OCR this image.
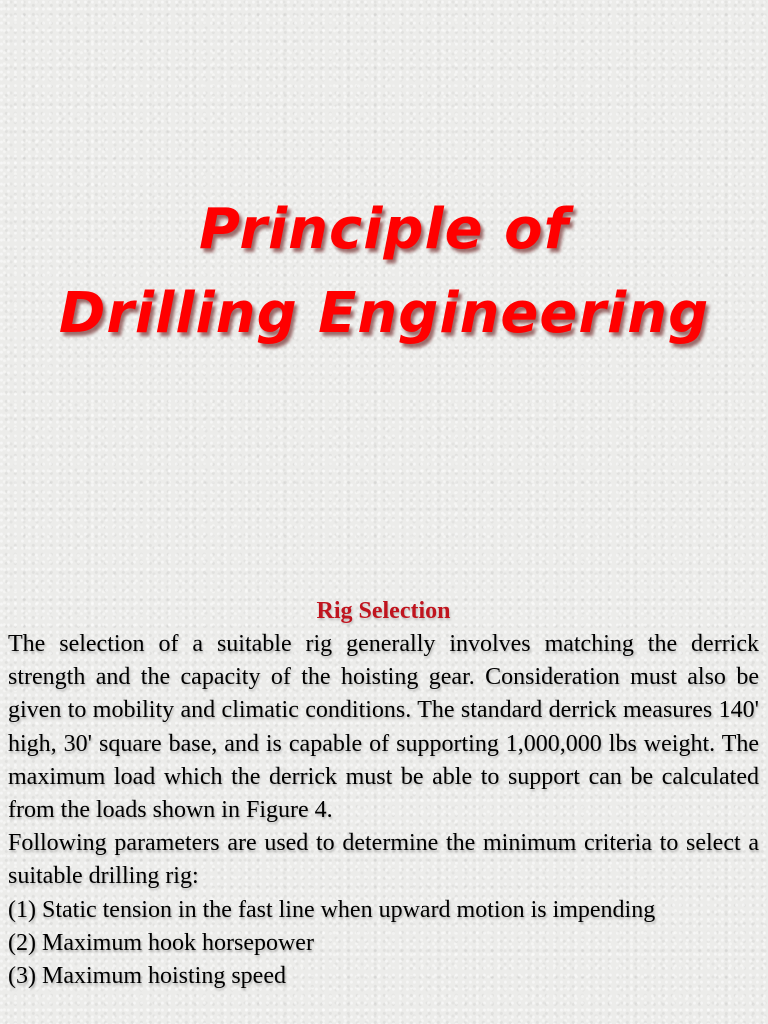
Principle of
Drilling Engineering
Rig Selection

The selection of a suitable rig generally involves matching the derrick strength and the capacity of the hoisting gear. Consideration must also be given to mobility and climatic conditions. The standard derrick measures 140' high, 30' square base, and is capable of supporting 1,000,000 lbs weight. The maximum load which the derrick must be able to support can be calculated from the loads shown in Figure 4.

Following parameters are used to determine the minimum criteria to select a suitable drilling rig:

(1) Static tension in the fast line when upward motion is impending

(2) Maximum hook horsepower

(3) Maximum hoisting speed
